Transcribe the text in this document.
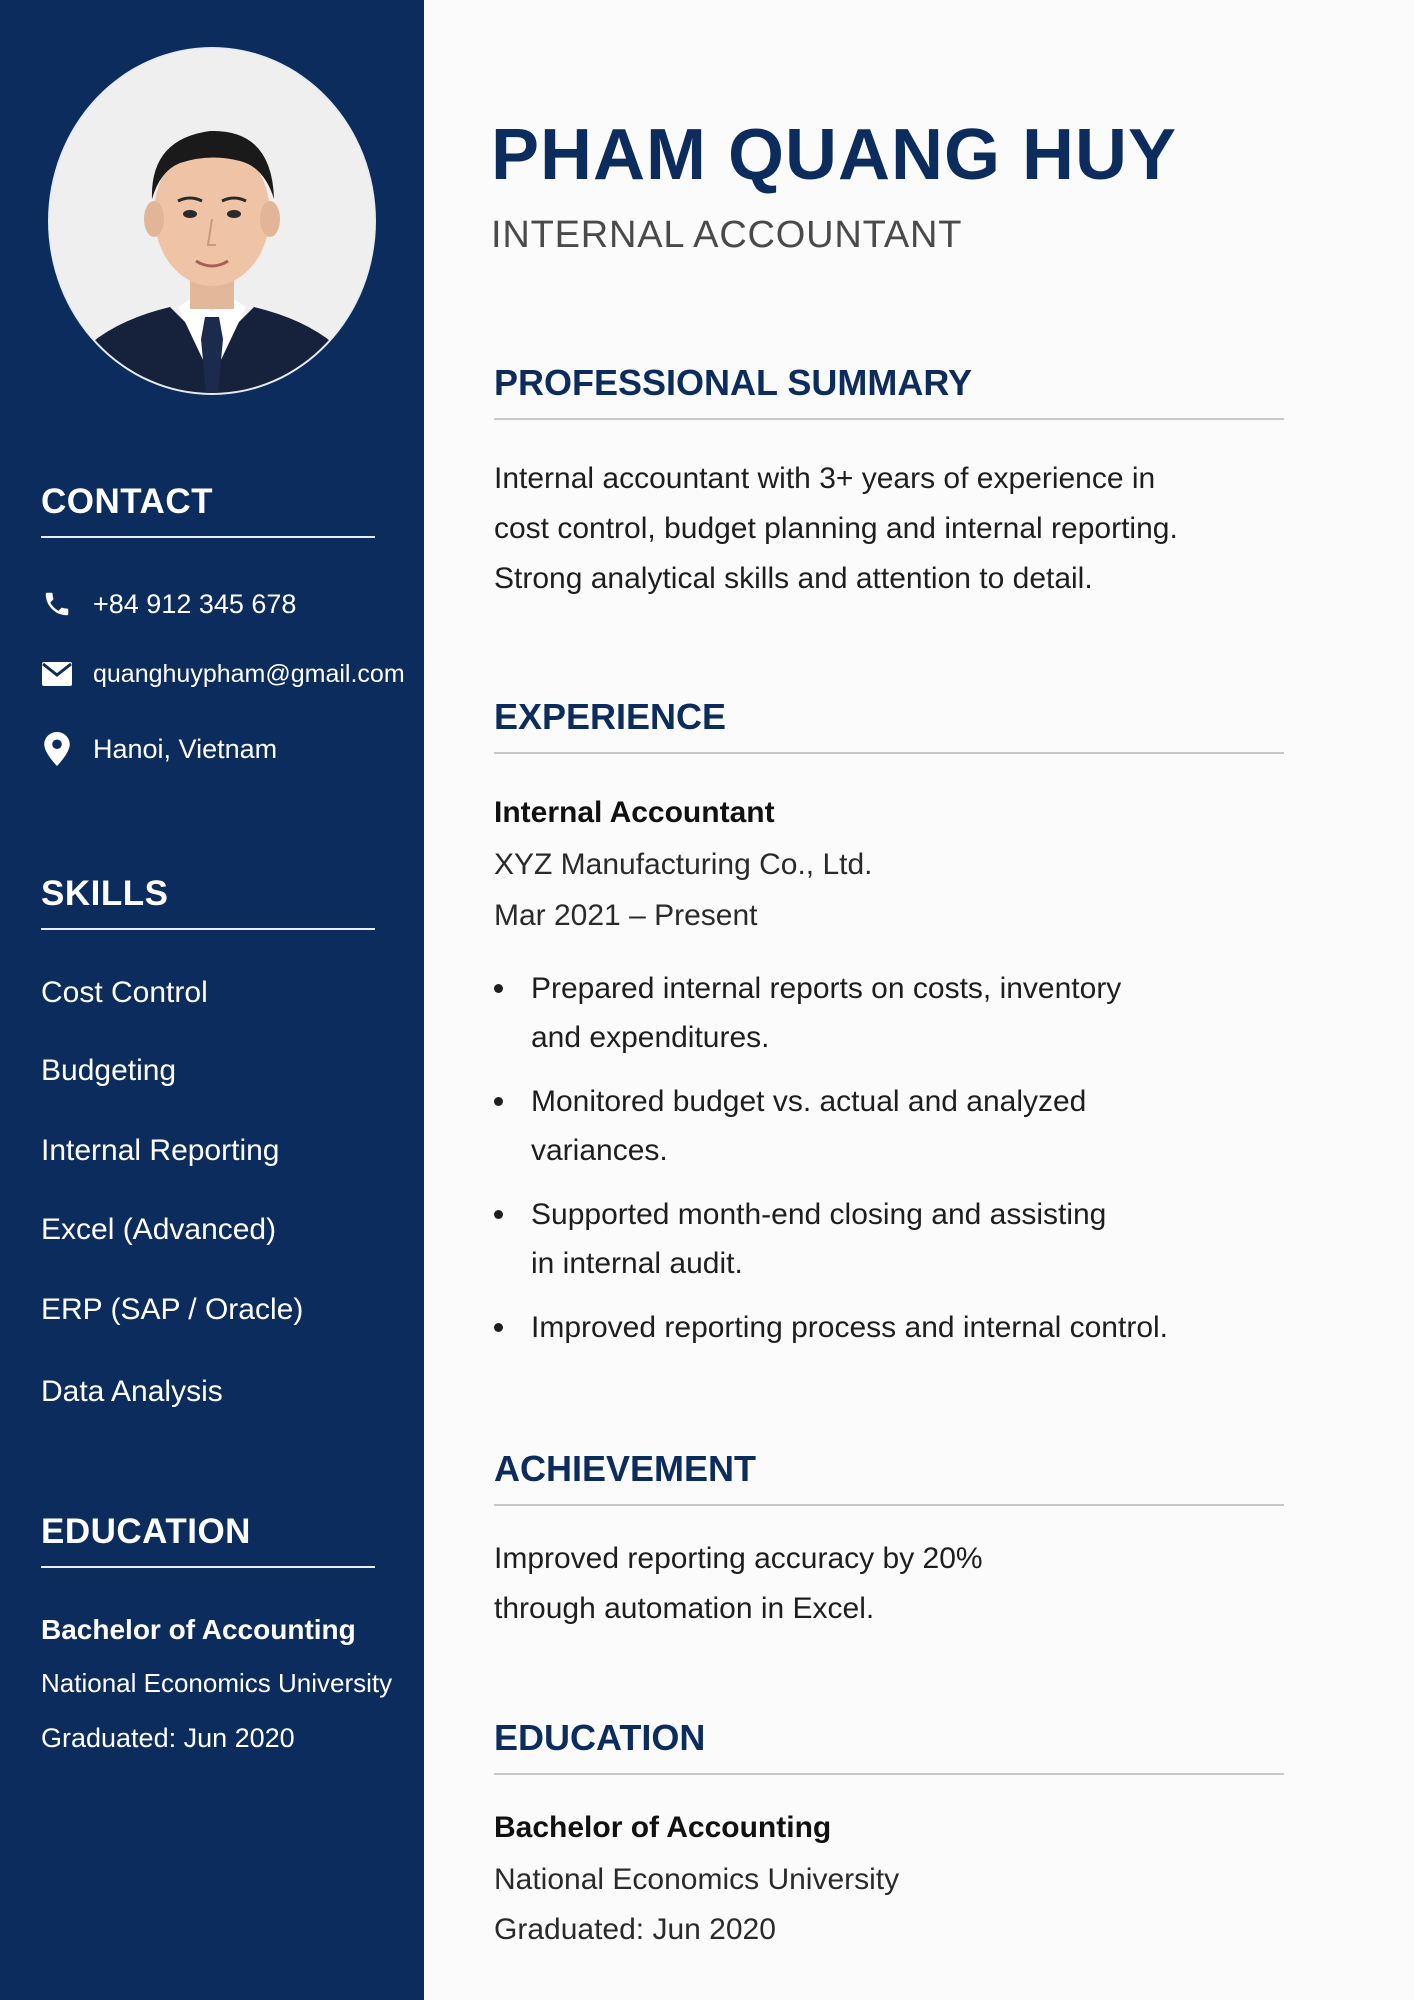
CONTACT
+84 912 345 678
quanghuypham@gmail.com
Hanoi, Vietnam
SKILLS
Cost Control
Budgeting
Internal Reporting
Excel (Advanced)
ERP (SAP / Oracle)
Data Analysis
EDUCATION
Bachelor of Accounting
National Economics University
Graduated: Jun 2020
PHAM QUANG HUY
INTERNAL ACCOUNTANT
PROFESSIONAL SUMMARY
Internal accountant with 3+ years of experience in
cost control, budget planning and internal reporting.
Strong analytical skills and attention to detail.
EXPERIENCE
Internal Accountant
XYZ Manufacturing Co., Ltd.
Mar 2021 – Present
Prepared internal reports on costs, inventory
and expenditures.
Monitored budget vs. actual and analyzed
variances.
Supported month-end closing and assisting
in internal audit.
Improved reporting process and internal control.
ACHIEVEMENT
Improved reporting accuracy by 20%
through automation in Excel.
EDUCATION
Bachelor of Accounting
National Economics University
Graduated: Jun 2020
